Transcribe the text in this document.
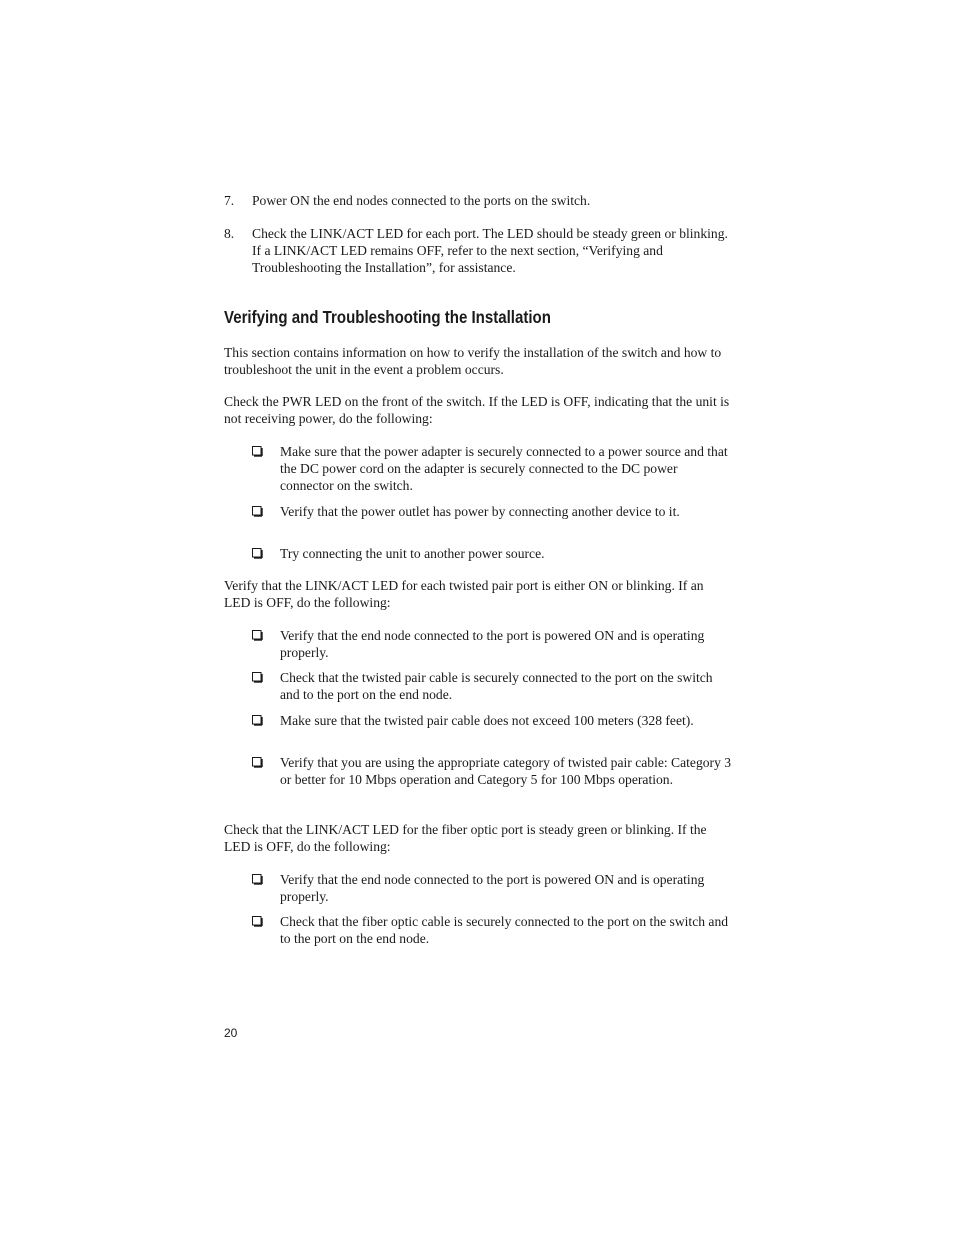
7. Power ON the end nodes connected to the ports on the switch.

8. Check the LINK/ACT LED for each port. The LED should be steady green or blinking. If a LINK/ACT LED remains OFF, refer to the next section, “Verifying and Troubleshooting the Installation”, for assistance.

Verifying and Troubleshooting the Installation

This section contains information on how to verify the installation of the switch and how to troubleshoot the unit in the event a problem occurs.

Check the PWR LED on the front of the switch. If the LED is OFF, indicating that the unit is not receiving power, do the following:

Make sure that the power adapter is securely connected to a power source and that the DC power cord on the adapter is securely connected to the DC power connector on the switch.

Verify that the power outlet has power by connecting another device to it.

Try connecting the unit to another power source.

Verify that the LINK/ACT LED for each twisted pair port is either ON or blinking. If an LED is OFF, do the following:

Verify that the end node connected to the port is powered ON and is operating properly.

Check that the twisted pair cable is securely connected to the port on the switch and to the port on the end node.

Make sure that the twisted pair cable does not exceed 100 meters (328 feet).

Verify that you are using the appropriate category of twisted pair cable: Category 3 or better for 10 Mbps operation and Category 5 for 100 Mbps operation.

Check that the LINK/ACT LED for the fiber optic port is steady green or blinking. If the LED is OFF, do the following:

Verify that the end node connected to the port is powered ON and is operating properly.

Check that the fiber optic cable is securely connected to the port on the switch and to the port on the end node.

20
